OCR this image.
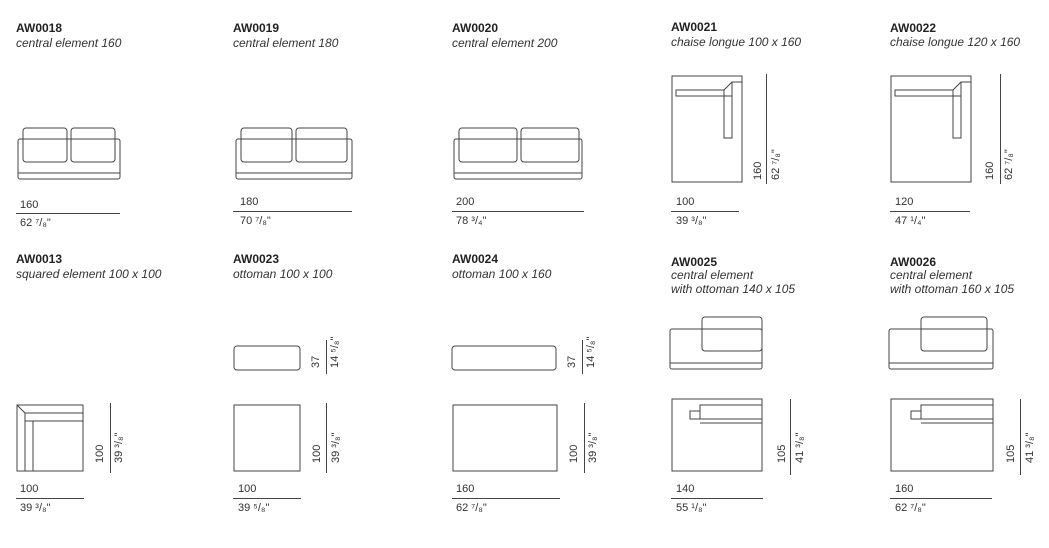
AW0018
central element 160
160
62 ⁷/₈"
AW0019
central element 180
180
70 ⁷/₈"
AW0020
central element 200
200
78 ³/₄"
AW0021
chaise longue 100 x 160
160 62 ⁷/₈"
100
39 ³/₈"
AW0022
chaise longue 120 x 160
160 62 ⁷/₈"
120
47 ¹/₄"
AW0013
squared element 100 x 100
100 39 ³/₈"
100
39 ³/₈"
AW0023
ottoman 100 x 100
37 14 ⁵/₈"
100 39 ³/₈"
100
39 ⁵/₈"
AW0024
ottoman 100 x 160
37 14 ⁵/₈"
100 39 ³/₈"
160
62 ⁷/₈"
AW0025
central element
with ottoman 140 x 105
105 41 ³/₈"
140
55 ¹/₈"
AW0026
central element
with ottoman 160 x 105
105 41 ³/₈"
160
62 ⁷/₈"
